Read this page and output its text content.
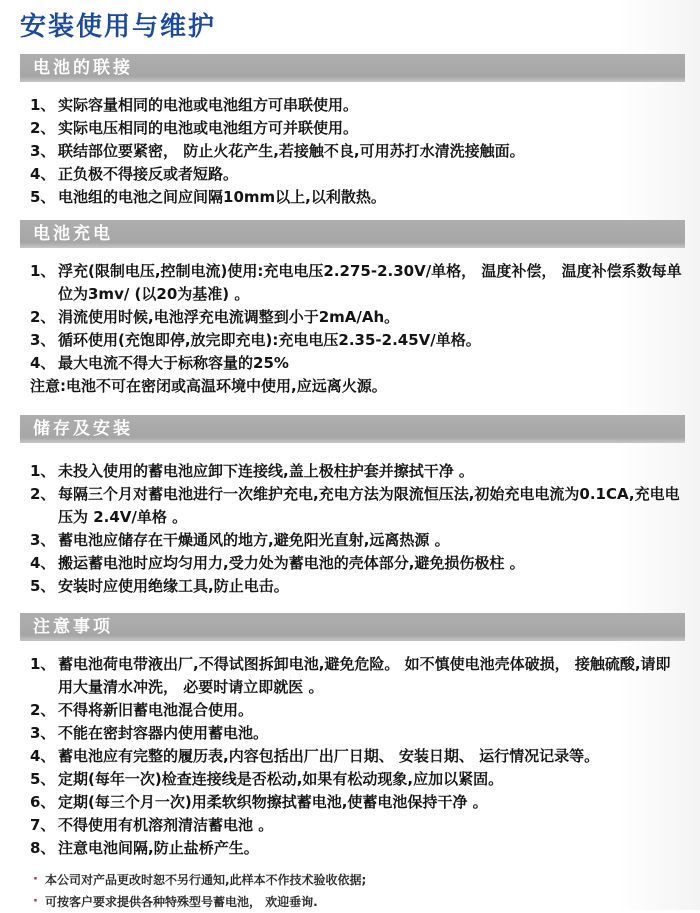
安装使用与维护
电池的联接
1、 实际容量相同的电池或电池组方可串联使用。
2、 实际电压相同的电池或电池组方可并联使用。
3、 联结部位要紧密， 防止火花产生,若接触不良,可用苏打水清洗接触面。
4、 正负极不得接反或者短路。
5、 电池组的电池之间应间隔10mm以上,以利散热。
电池充电
1、 浮充(限制电压,控制电流)使用:充电电压2.275-2.30V/单格， 温度补偿， 温度补偿系数每单位为3mv/ (以20为基准) 。
2、 涓流使用时候,电池浮充电流调整到小于2mA/Ah。
3、 循环使用(充饱即停,放完即充电):充电电压2.35-2.45V/单格。
4、 最大电流不得大于标称容量的25%
注意:电池不可在密闭或高温环境中使用,应远离火源。
储存及安装
1、 未投入使用的蓄电池应卸下连接线,盖上极柱护套并擦拭干净 。
2、 每隔三个月对蓄电池进行一次维护充电,充电方法为限流恒压法,初始充电电流为0.1CA,充电电压为 2.4V/单格 。
3、 蓄电池应储存在干燥通风的地方,避免阳光直射,远离热源 。
4、 搬运蓄电池时应均匀用力,受力处为蓄电池的壳体部分,避免损伤极柱 。
5、 安装时应使用绝缘工具,防止电击。
注意事项
1、 蓄电池荷电带液出厂,不得试图拆卸电池,避免危险。 如不慎使电池壳体破损， 接触硫酸,请即用大量清水冲洗， 必要时请立即就医 。
2、 不得将新旧蓄电池混合使用。
3、 不能在密封容器内使用蓄电池。
4、 蓄电池应有完整的履历表,内容包括出厂出厂日期、 安装日期、 运行情况记录等。
5、 定期(每年一次)检查连接线是否松动,如果有松动现象,应加以紧固。
6、 定期(每三个月一次)用柔软织物擦拭蓄电池,使蓄电池保持干净 。
7、 不得使用有机溶剂清洁蓄电池 。
8、 注意电池间隔,防止盐桥产生。
· 本公司对产品更改时恕不另行通知,此样本不作技术验收依据;
· 可按客户要求提供各种特殊型号蓄电池， 欢迎垂询.
